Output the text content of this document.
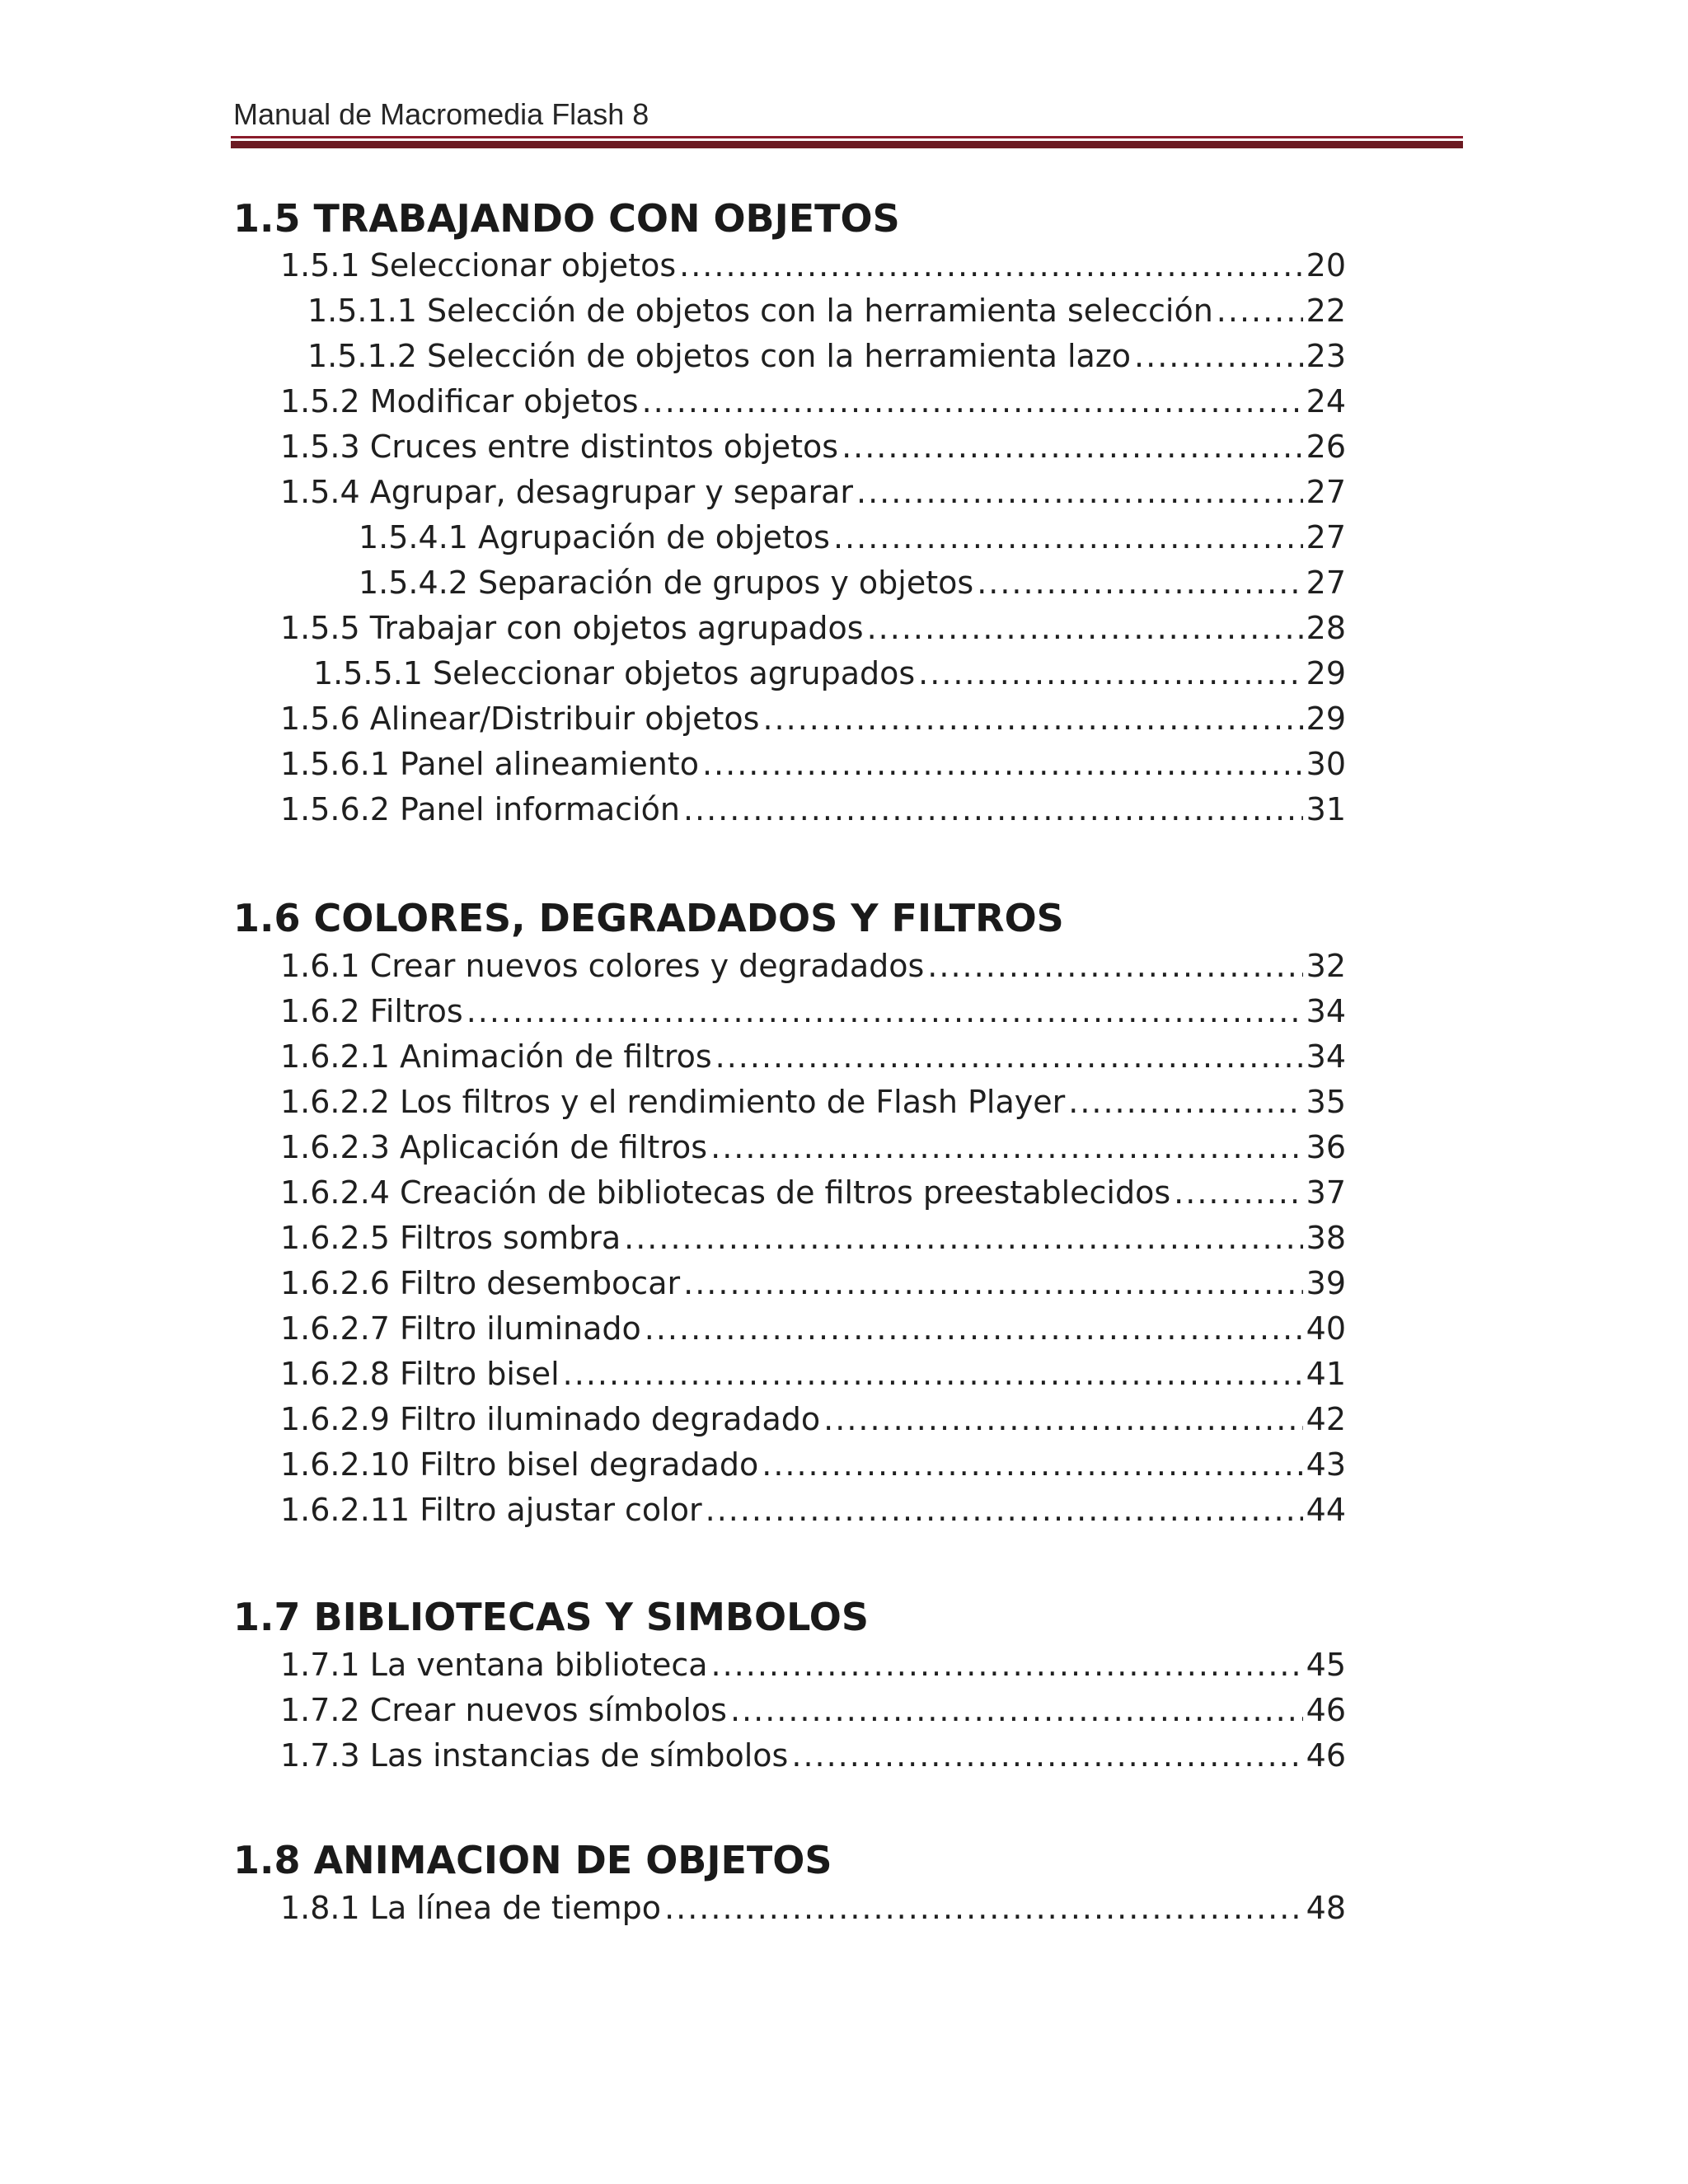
Manual de Macromedia Flash 8
1.5 TRABAJANDO CON OBJETOS
1.5.1 Seleccionar objetos .....	20
1.5.1.1 Selección de objetos con la herramienta selección .....	22
1.5.1.2 Selección de objetos con la herramienta lazo .....	23
1.5.2 Modificar objetos .....	24
1.5.3 Cruces entre distintos objetos .....	26
1.5.4 Agrupar, desagrupar y separar .....	27
1.5.4.1 Agrupación de objetos .....	27
1.5.4.2 Separación de grupos y objetos .....	27
1.5.5 Trabajar con objetos agrupados .....	28
1.5.5.1 Seleccionar objetos agrupados .....	29
1.5.6 Alinear/Distribuir objetos .....	29
1.5.6.1 Panel alineamiento .....	30
1.5.6.2 Panel información .....	31
1.6 COLORES, DEGRADADOS Y FILTROS
1.6.1 Crear nuevos colores y degradados .....	32
1.6.2 Filtros .....	34
1.6.2.1 Animación de filtros .....	34
1.6.2.2 Los filtros y el rendimiento de Flash Player .....	35
1.6.2.3 Aplicación de filtros .....	36
1.6.2.4 Creación de bibliotecas de filtros preestablecidos .....	37
1.6.2.5 Filtros sombra .....	38
1.6.2.6 Filtro desembocar .....	39
1.6.2.7 Filtro iluminado .....	40
1.6.2.8 Filtro bisel .....	41
1.6.2.9 Filtro iluminado degradado .....	42
1.6.2.10 Filtro bisel degradado .....	43
1.6.2.11 Filtro ajustar color .....	44
1.7 BIBLIOTECAS Y SIMBOLOS
1.7.1 La ventana biblioteca .....	45
1.7.2 Crear nuevos símbolos .....	46
1.7.3 Las instancias de símbolos .....	46
1.8 ANIMACION DE OBJETOS
1.8.1 La línea de tiempo .....	48
